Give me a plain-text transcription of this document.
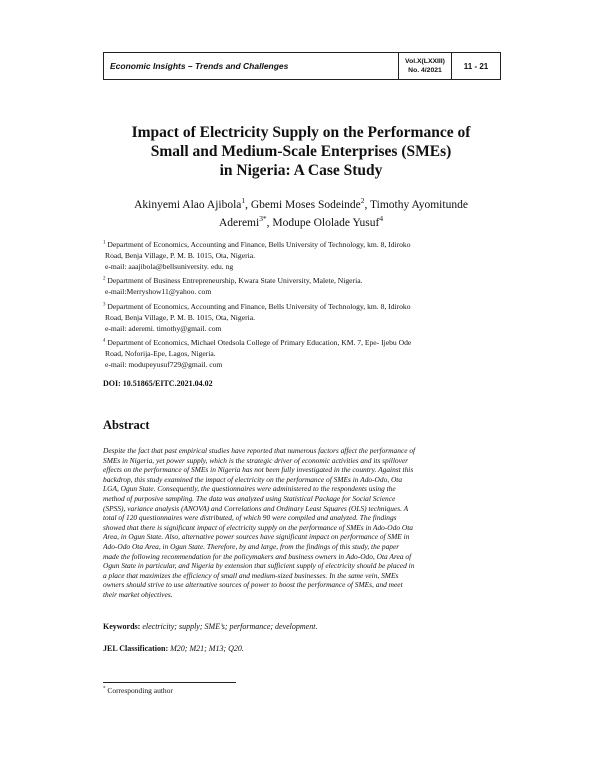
Economic Insights – Trends and Challenges	Vol.X(LXXIII)
No. 4/2021	11 - 21
Impact of Electricity Supply on the Performance of
Small and Medium-Scale Enterprises (SMEs)
in Nigeria: A Case Study
Akinyemi Alao Ajibola$^1$, Gbemi Moses Sodeinde$^2$, Timothy Ayomitunde
Aderemi$^{3*}$, Modupe Ololade Yusuf$^4$
$^1$ Department of Economics, Accounting and Finance, Bells University of Technology, km. 8, Idiroko
Road, Benja Village, P. M. B. 1015, Ota, Nigeria.
e-mail: aaajibola@bellsuniversity. edu. ng
$^2$ Department of Business Entrepreneurship, Kwara State University, Malete, Nigeria.
e-mail:Merryshow11@yahoo. com
$^3$ Department of Economics, Accounting and Finance, Bells University of Technology, km. 8, Idiroko
Road, Benja Village, P. M. B. 1015, Ota, Nigeria.
e-mail: aderemi. timothy@gmail. com
$^4$ Department of Economics, Michael Otedsola College of Primary Education, KM. 7, Epe- Ijebu Ode
Road, Noforija-Epe, Lagos, Nigeria.
e-mail: modupeyusuf729@gmail. com
DOI: 10.51865/EITC.2021.04.02
Abstract
Despite the fact that past empirical studies have reported that numerous factors affect the performance of
SMEs in Nigeria, yet power supply, which is the strategic driver of economic activities and its spillover
effects on the performance of SMEs in Nigeria has not been fully investigated in the country. Against this
backdrop, this study examined the impact of electricity on the performance of SMEs in Ado-Odo, Ota
LGA, Ogun State. Consequently, the questionnaires were administered to the respondents using the
method of purposive sampling. The data was analyzed using Statistical Package for Social Science
(SPSS), variance analysis (ANOVA) and Correlations and Ordinary Least Squares (OLS) techniques. A
total of 120 questionnaires were distributed, of which 90 were compiled and analyzed. The findings
showed that there is significant impact of electricity supply on the performance of SMEs in Ado-Odo Ota
Area, in Ogun State. Also, alternative power sources have significant impact on performance of SME in
Ado-Odo Ota Area, in Ogun State. Therefore, by and large, from the findings of this study, the paper
made the following recommendation for the policymakers and business owners in Ado-Odo, Ota Area of
Ogun State in particular, and Nigeria by extension that sufficient supply of electricity should be placed in
a place that maximizes the efficiency of small and medium-sized businesses. In the same vein, SMEs
owners should strive to use alternative sources of power to boost the performance of SMEs, and meet
their market objectives.
Keywords: electricity; supply; SME’s; performance; development.
JEL Classification: M20; M21; M13; Q20.
* Corresponding author
